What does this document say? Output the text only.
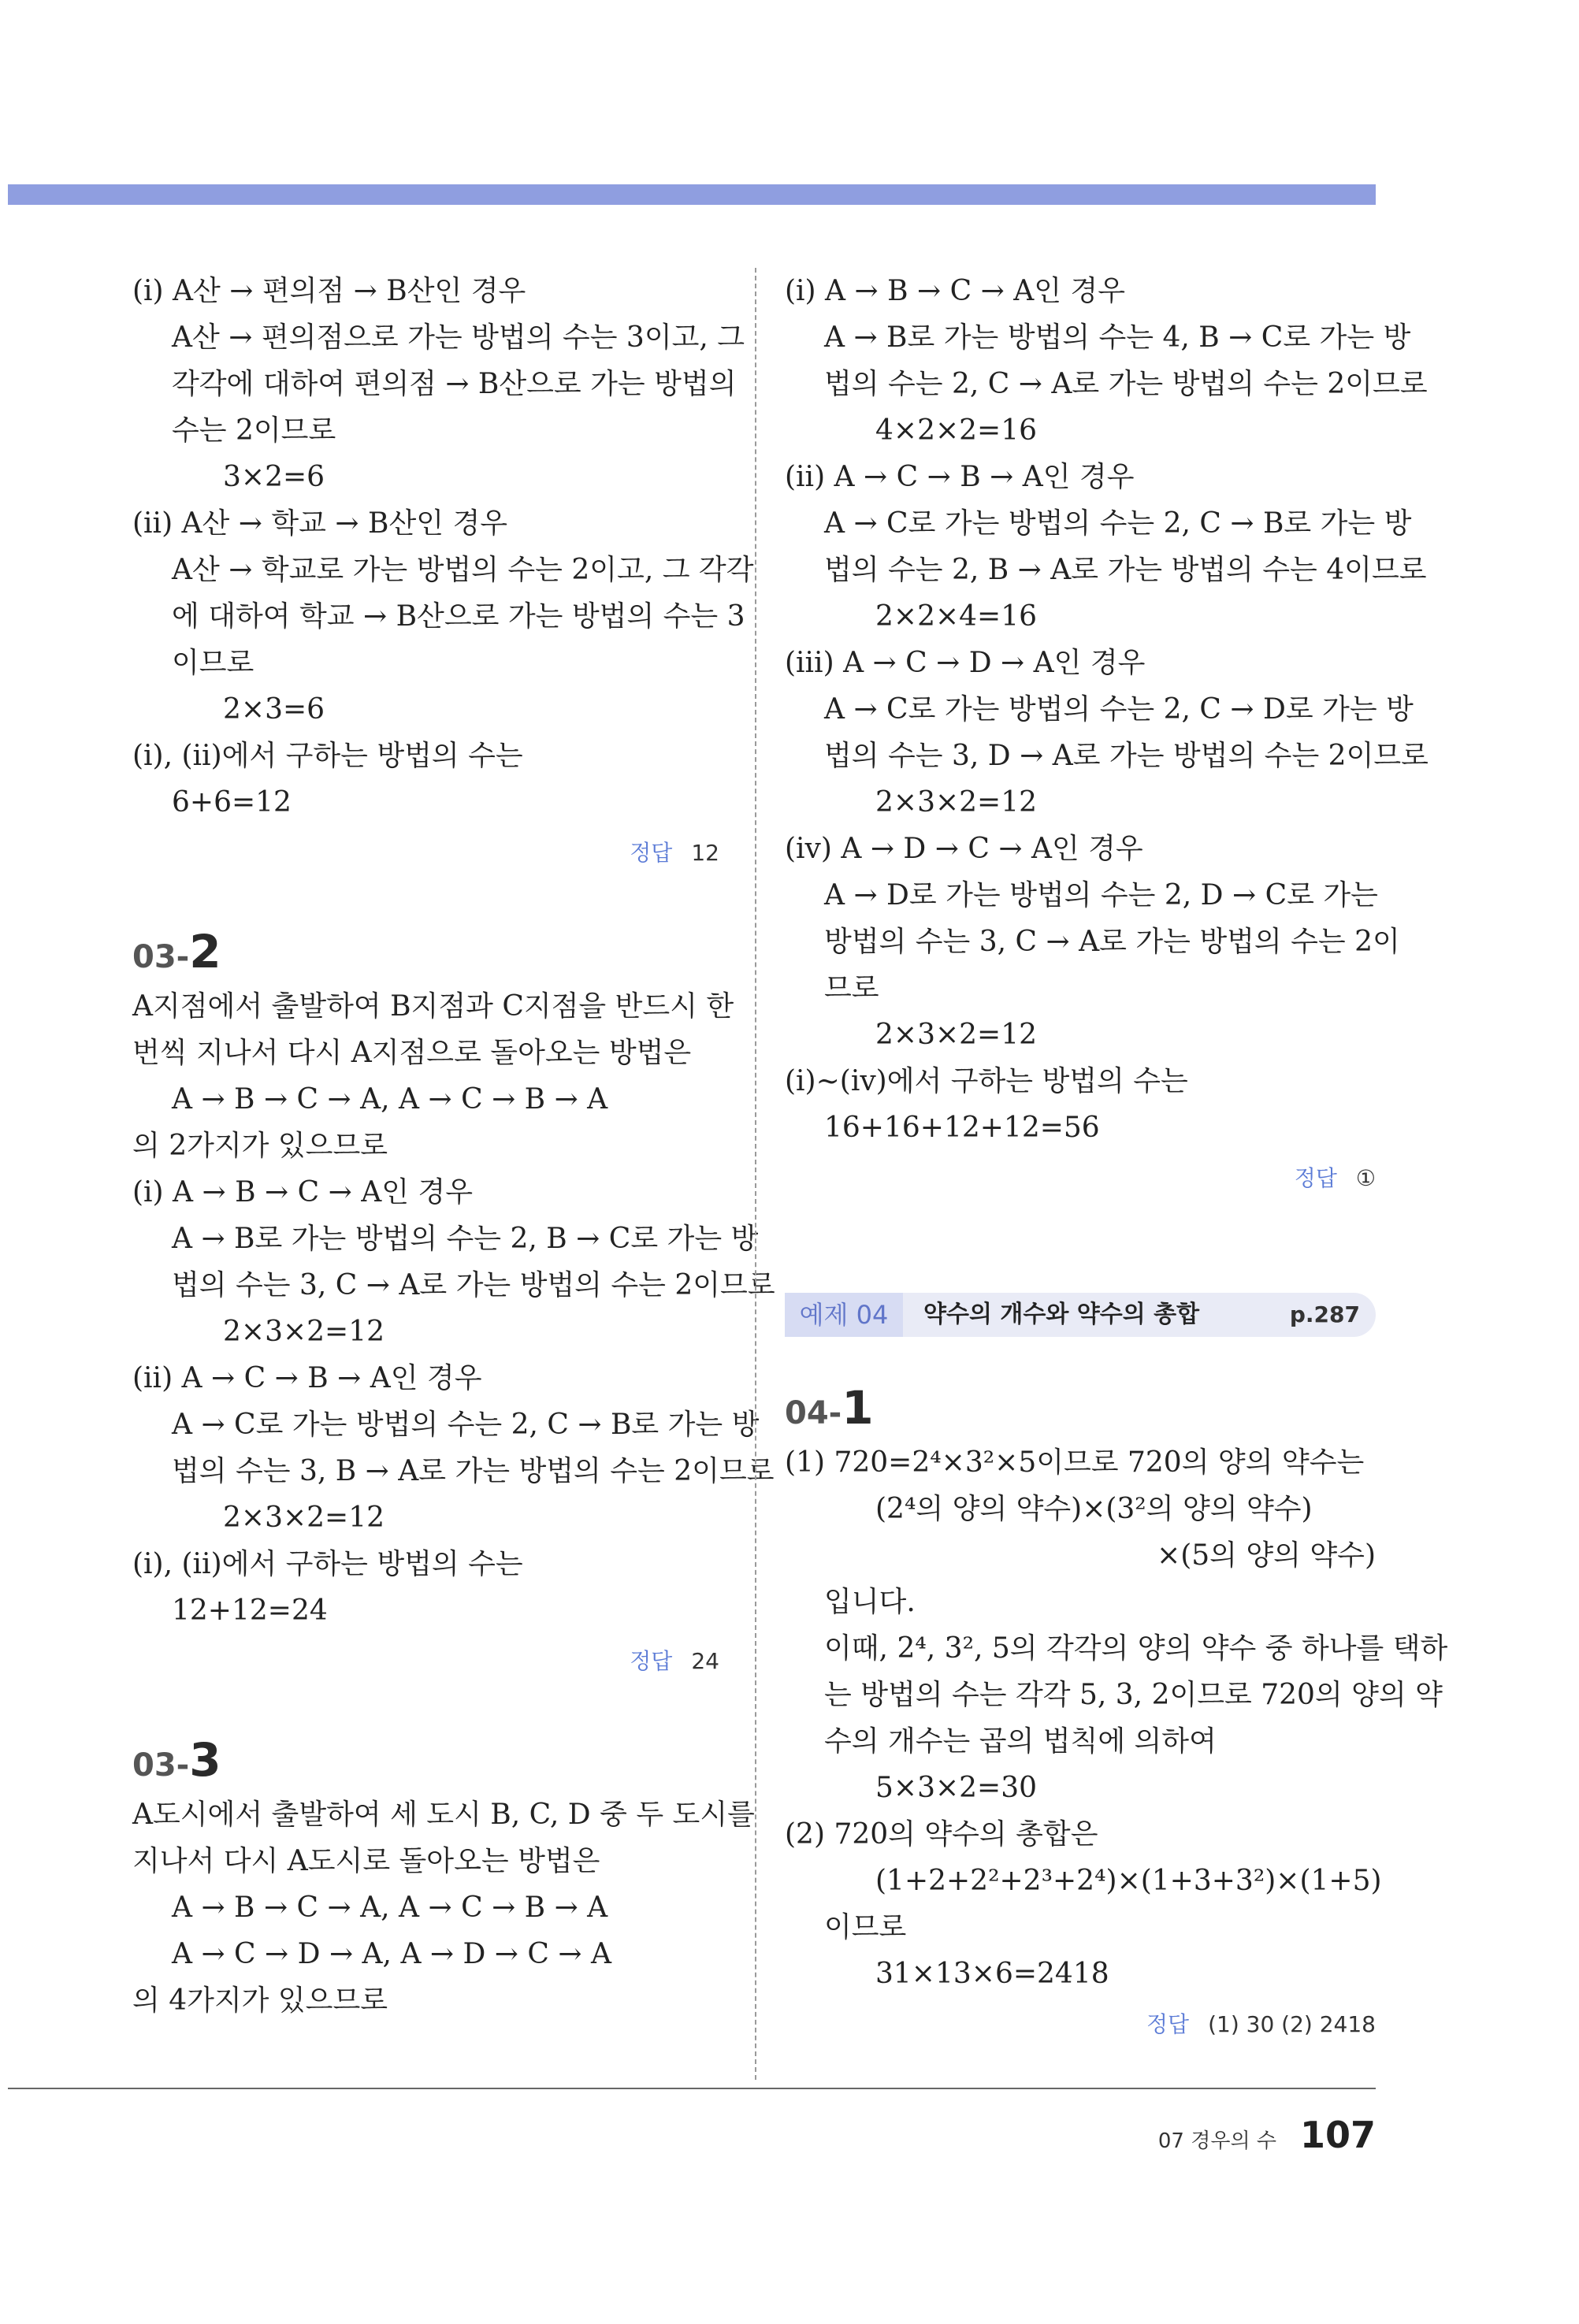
(ⅰ) A산 → 편의점 → B산인 경우
A산 → 편의점으로 가는 방법의 수는 3이고, 그
각각에 대하여 편의점 → B산으로 가는 방법의
수는 2이므로
3×2=6
(ⅱ) A산 → 학교 → B산인 경우
A산 → 학교로 가는 방법의 수는 2이고, 그 각각
에 대하여 학교 → B산으로 가는 방법의 수는 3
이므로
2×3=6
(ⅰ), (ⅱ)에서 구하는 방법의 수는
6+6=12
정답 12
03-2
A지점에서 출발하여 B지점과 C지점을 반드시 한
번씩 지나서 다시 A지점으로 돌아오는 방법은
A → B → C → A, A → C → B → A
의 2가지가 있으므로
(ⅰ) A → B → C → A인 경우
A → B로 가는 방법의 수는 2, B → C로 가는 방
법의 수는 3, C → A로 가는 방법의 수는 2이므로
2×3×2=12
(ⅱ) A → C → B → A인 경우
A → C로 가는 방법의 수는 2, C → B로 가는 방
법의 수는 3, B → A로 가는 방법의 수는 2이므로
2×3×2=12
(ⅰ), (ⅱ)에서 구하는 방법의 수는
12+12=24
정답 24
03-3
A도시에서 출발하여 세 도시 B, C, D 중 두 도시를
지나서 다시 A도시로 돌아오는 방법은
A → B → C → A, A → C → B → A
A → C → D → A, A → D → C → A
의 4가지가 있으므로
(ⅰ) A → B → C → A인 경우
A → B로 가는 방법의 수는 4, B → C로 가는 방
법의 수는 2, C → A로 가는 방법의 수는 2이므로
4×2×2=16
(ⅱ) A → C → B → A인 경우
A → C로 가는 방법의 수는 2, C → B로 가는 방
법의 수는 2, B → A로 가는 방법의 수는 4이므로
2×2×4=16
(ⅲ) A → C → D → A인 경우
A → C로 가는 방법의 수는 2, C → D로 가는 방
법의 수는 3, D → A로 가는 방법의 수는 2이므로
2×3×2=12
(ⅳ) A → D → C → A인 경우
A → D로 가는 방법의 수는 2, D → C로 가는
방법의 수는 3, C → A로 가는 방법의 수는 2이
므로
2×3×2=12
(ⅰ)~(ⅳ)에서 구하는 방법의 수는
16+16+12+12=56
정답 ①
예제 04	약수의 개수와 약수의 총합	p.287
04-1
(1) 720=2⁴×3²×5이므로 720의 양의 약수는
(2⁴의 양의 약수)×(3²의 양의 약수)
×(5의 양의 약수)
입니다.
이때, 2⁴, 3², 5의 각각의 양의 약수 중 하나를 택하
는 방법의 수는 각각 5, 3, 2이므로 720의 양의 약
수의 개수는 곱의 법칙에 의하여
5×3×2=30
(2) 720의 약수의 총합은
(1+2+2²+2³+2⁴)×(1+3+3²)×(1+5)
이므로
31×13×6=2418
정답 (1) 30 (2) 2418
07 경우의 수 107
